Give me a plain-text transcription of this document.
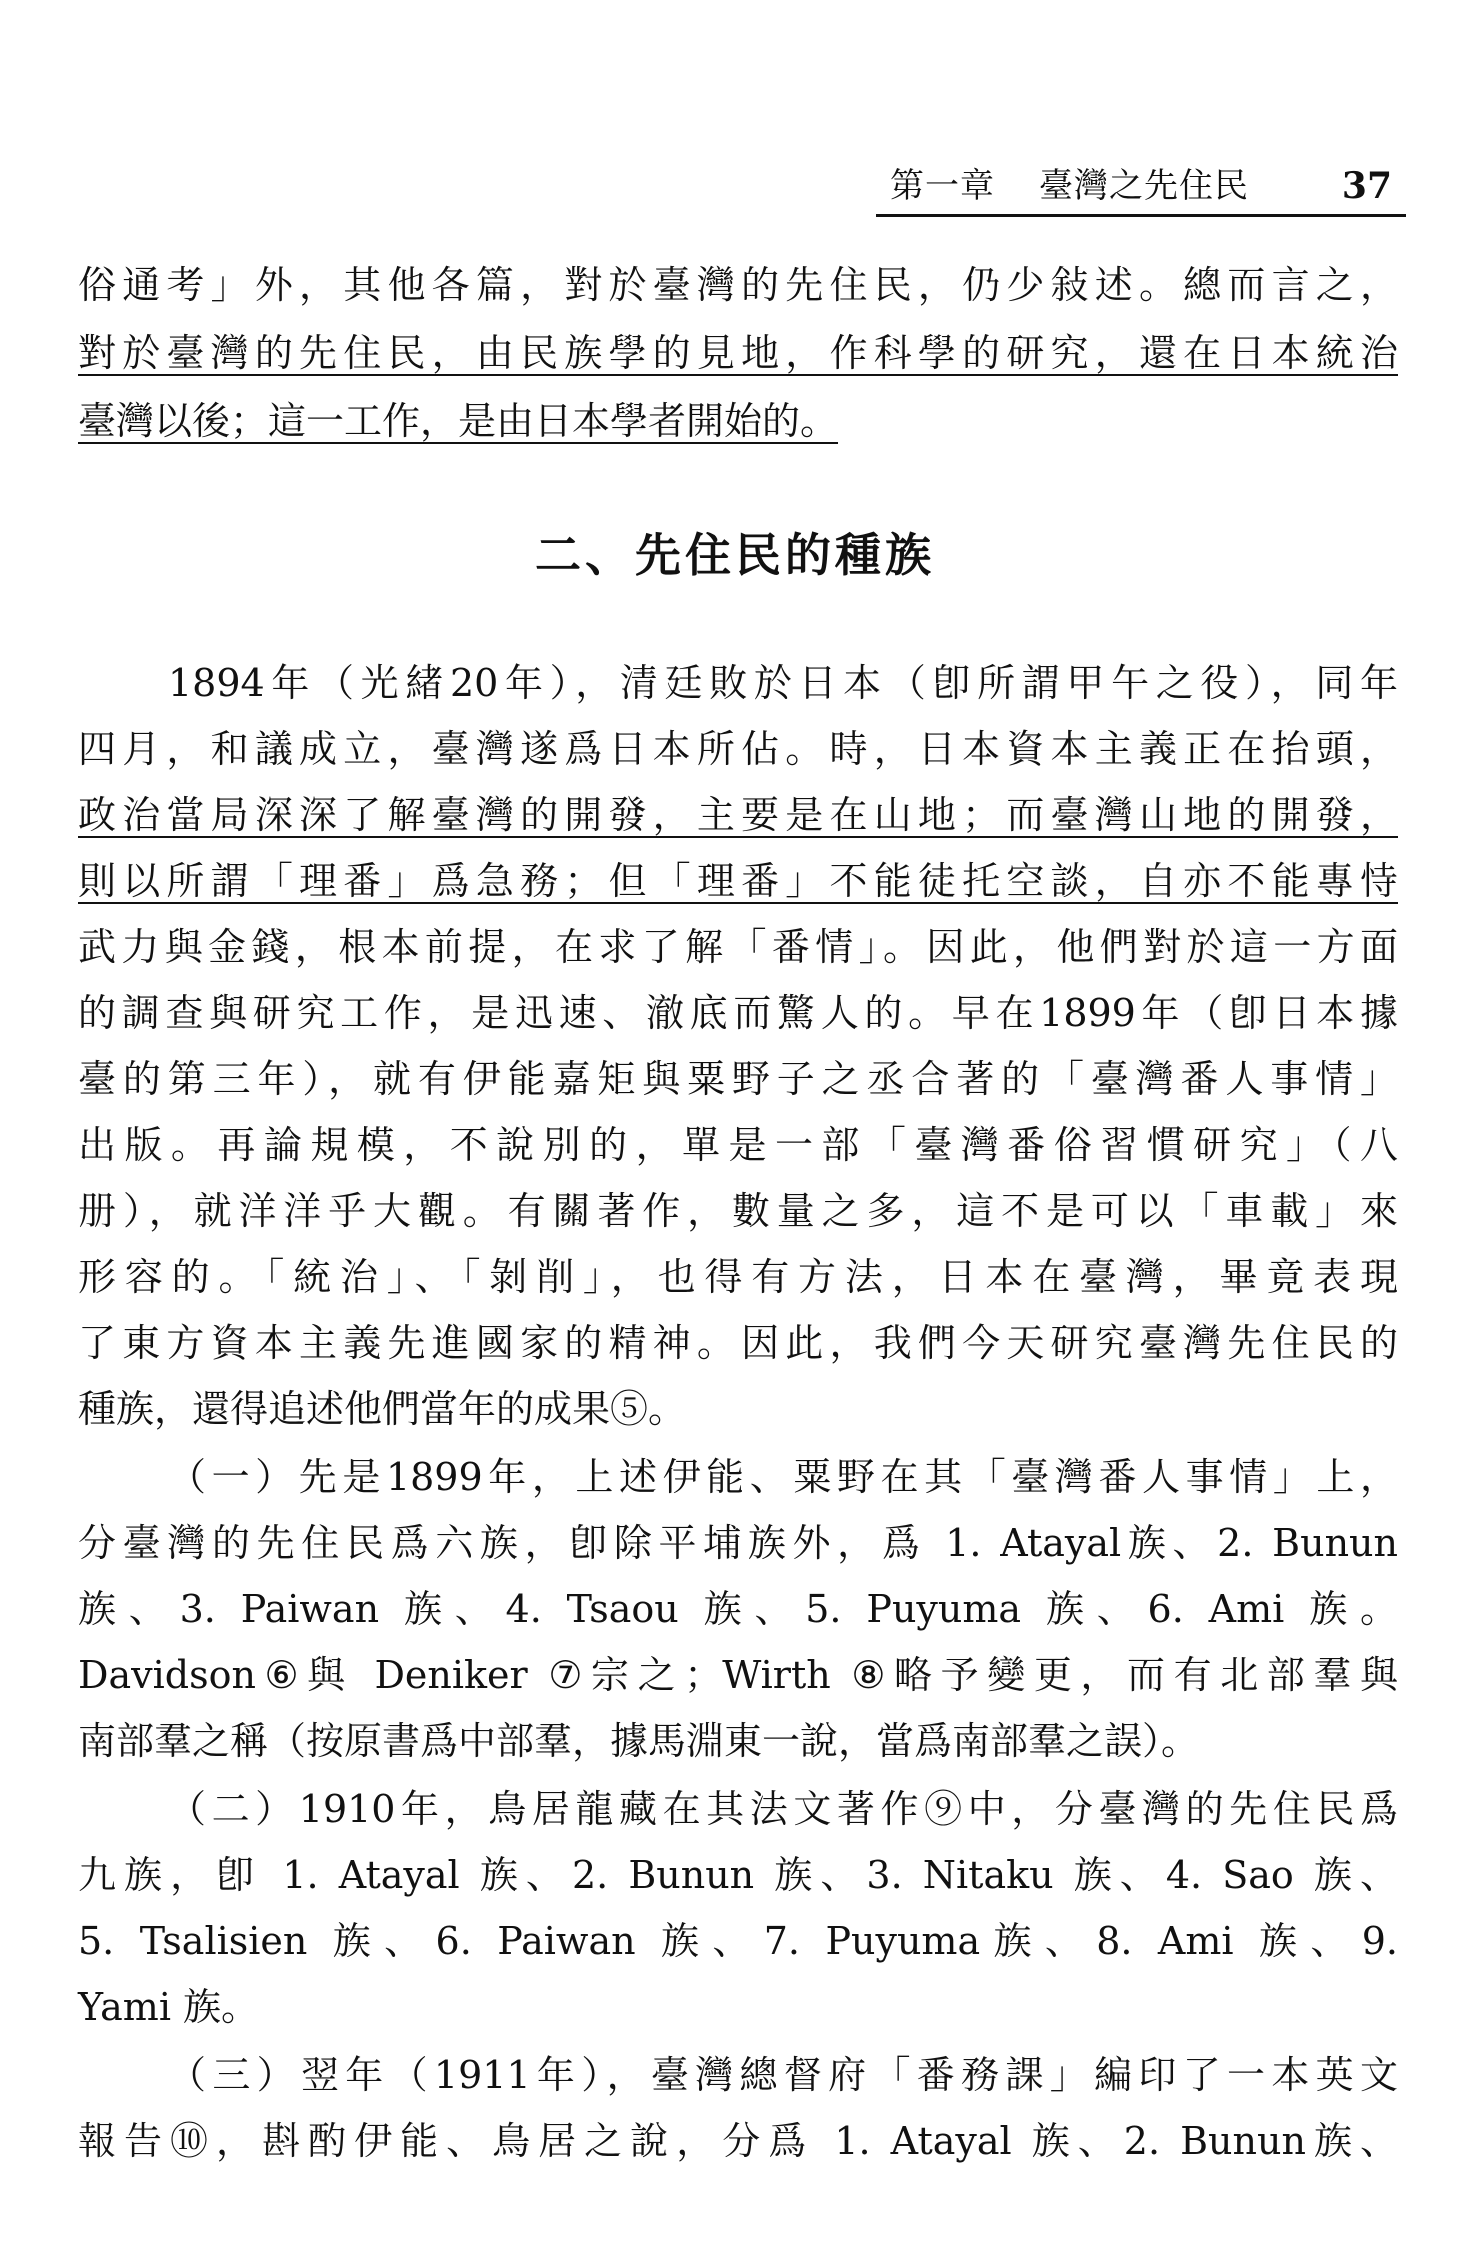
第一章 臺灣之先住民	37
俗通考」外，其他各篇，對於臺灣的先住民，仍少敍述。總而言之，
對於臺灣的先住民，由民族學的見地，作科學的研究，還在日本統治
臺灣以後；這一工作，是由日本學者開始的。
二、先住民的種族
1894年（光緒20年），清廷敗於日本（卽所謂甲午之役），同年
四月，和議成立，臺灣遂爲日本所佔。時，日本資本主義正在抬頭，
政治當局深深了解臺灣的開發，主要是在山地；而臺灣山地的開發，
則以所謂「理番」爲急務；但「理番」不能徒托空談，自亦不能專恃
武力與金錢，根本前提，在求了解「番情」。因此，他們對於這一方面
的調查與研究工作，是迅速、澈底而驚人的。早在1899年（卽日本據
臺的第三年），就有伊能嘉矩與粟野子之丞合著的「臺灣番人事情」
出版。再論規模，不說別的，單是一部「臺灣番俗習慣研究」（八
册），就洋洋乎大觀。有關著作，數量之多，這不是可以「車載」來
形容的。「統治」、「剝削」，也得有方法，日本在臺灣，畢竟表現
了東方資本主義先進國家的精神。因此，我們今天研究臺灣先住民的
種族，還得追述他們當年的成果⑤。
（一）先是1899年，上述伊能、粟野在其「臺灣番人事情」上，
分臺灣的先住民爲六族，卽除平埔族外，爲 1. Atayal族、2. Bunun
族、3. Paiwan 族、4. Tsaou 族、5. Puyuma 族、6. Ami 族。
Davidson⑥與 Deniker ⑦宗之；Wirth ⑧略予變更，而有北部羣與
南部羣之稱（按原書爲中部羣，據馬淵東一說，當爲南部羣之誤）。
（二）1910年，鳥居龍藏在其法文著作⑨中，分臺灣的先住民爲
九族，卽 1. Atayal 族、2. Bunun 族、3. Nitaku 族、4. Sao 族、
5. Tsalisien 族、6. Paiwan 族、7. Puyuma族、8. Ami 族、9.
Yami 族。
（三）翌年（1911年），臺灣總督府「番務課」編印了一本英文
報告⑩，斟酌伊能、鳥居之說，分爲 1. Atayal 族、2. Bunun族、
